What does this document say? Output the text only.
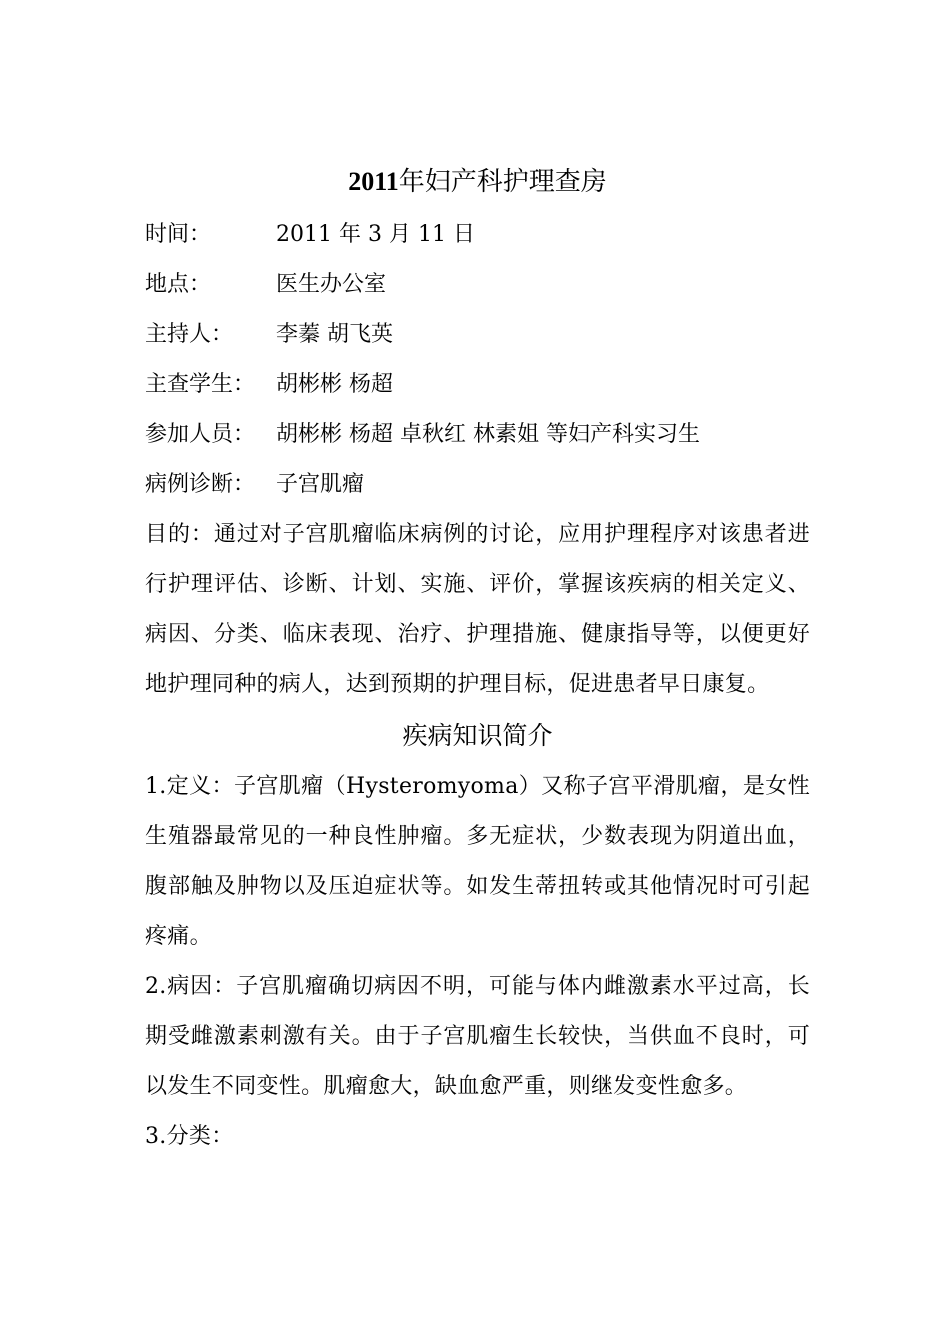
2011年妇产科护理查房
时间：	2011 年 3 月 11 日
地点：	医生办公室
主持人：	李蓁 胡飞英
主查学生： 胡彬彬 杨超
参加人员： 胡彬彬 杨超 卓秋红 林素姐 等妇产科实习生
病例诊断： 子宫肌瘤

目的：通过对子宫肌瘤临床病例的讨论，应用护理程序对该患者进行护理评估、诊断、计划、实施、评价，掌握该疾病的相关定义、病因、分类、临床表现、治疗、护理措施、健康指导等，以便更好地护理同种的病人，达到预期的护理目标，促进患者早日康复。

疾病知识简介

1.定义：子宫肌瘤（Hysteromyoma）又称子宫平滑肌瘤，是女性生殖器最常见的一种良性肿瘤。多无症状，少数表现为阴道出血，腹部触及肿物以及压迫症状等。如发生蒂扭转或其他情况时可引起疼痛。

2.病因：子宫肌瘤确切病因不明，可能与体内雌激素水平过高，长期受雌激素刺激有关。由于子宫肌瘤生长较快，当供血不良时，可以发生不同变性。肌瘤愈大，缺血愈严重，则继发变性愈多。

3.分类：
